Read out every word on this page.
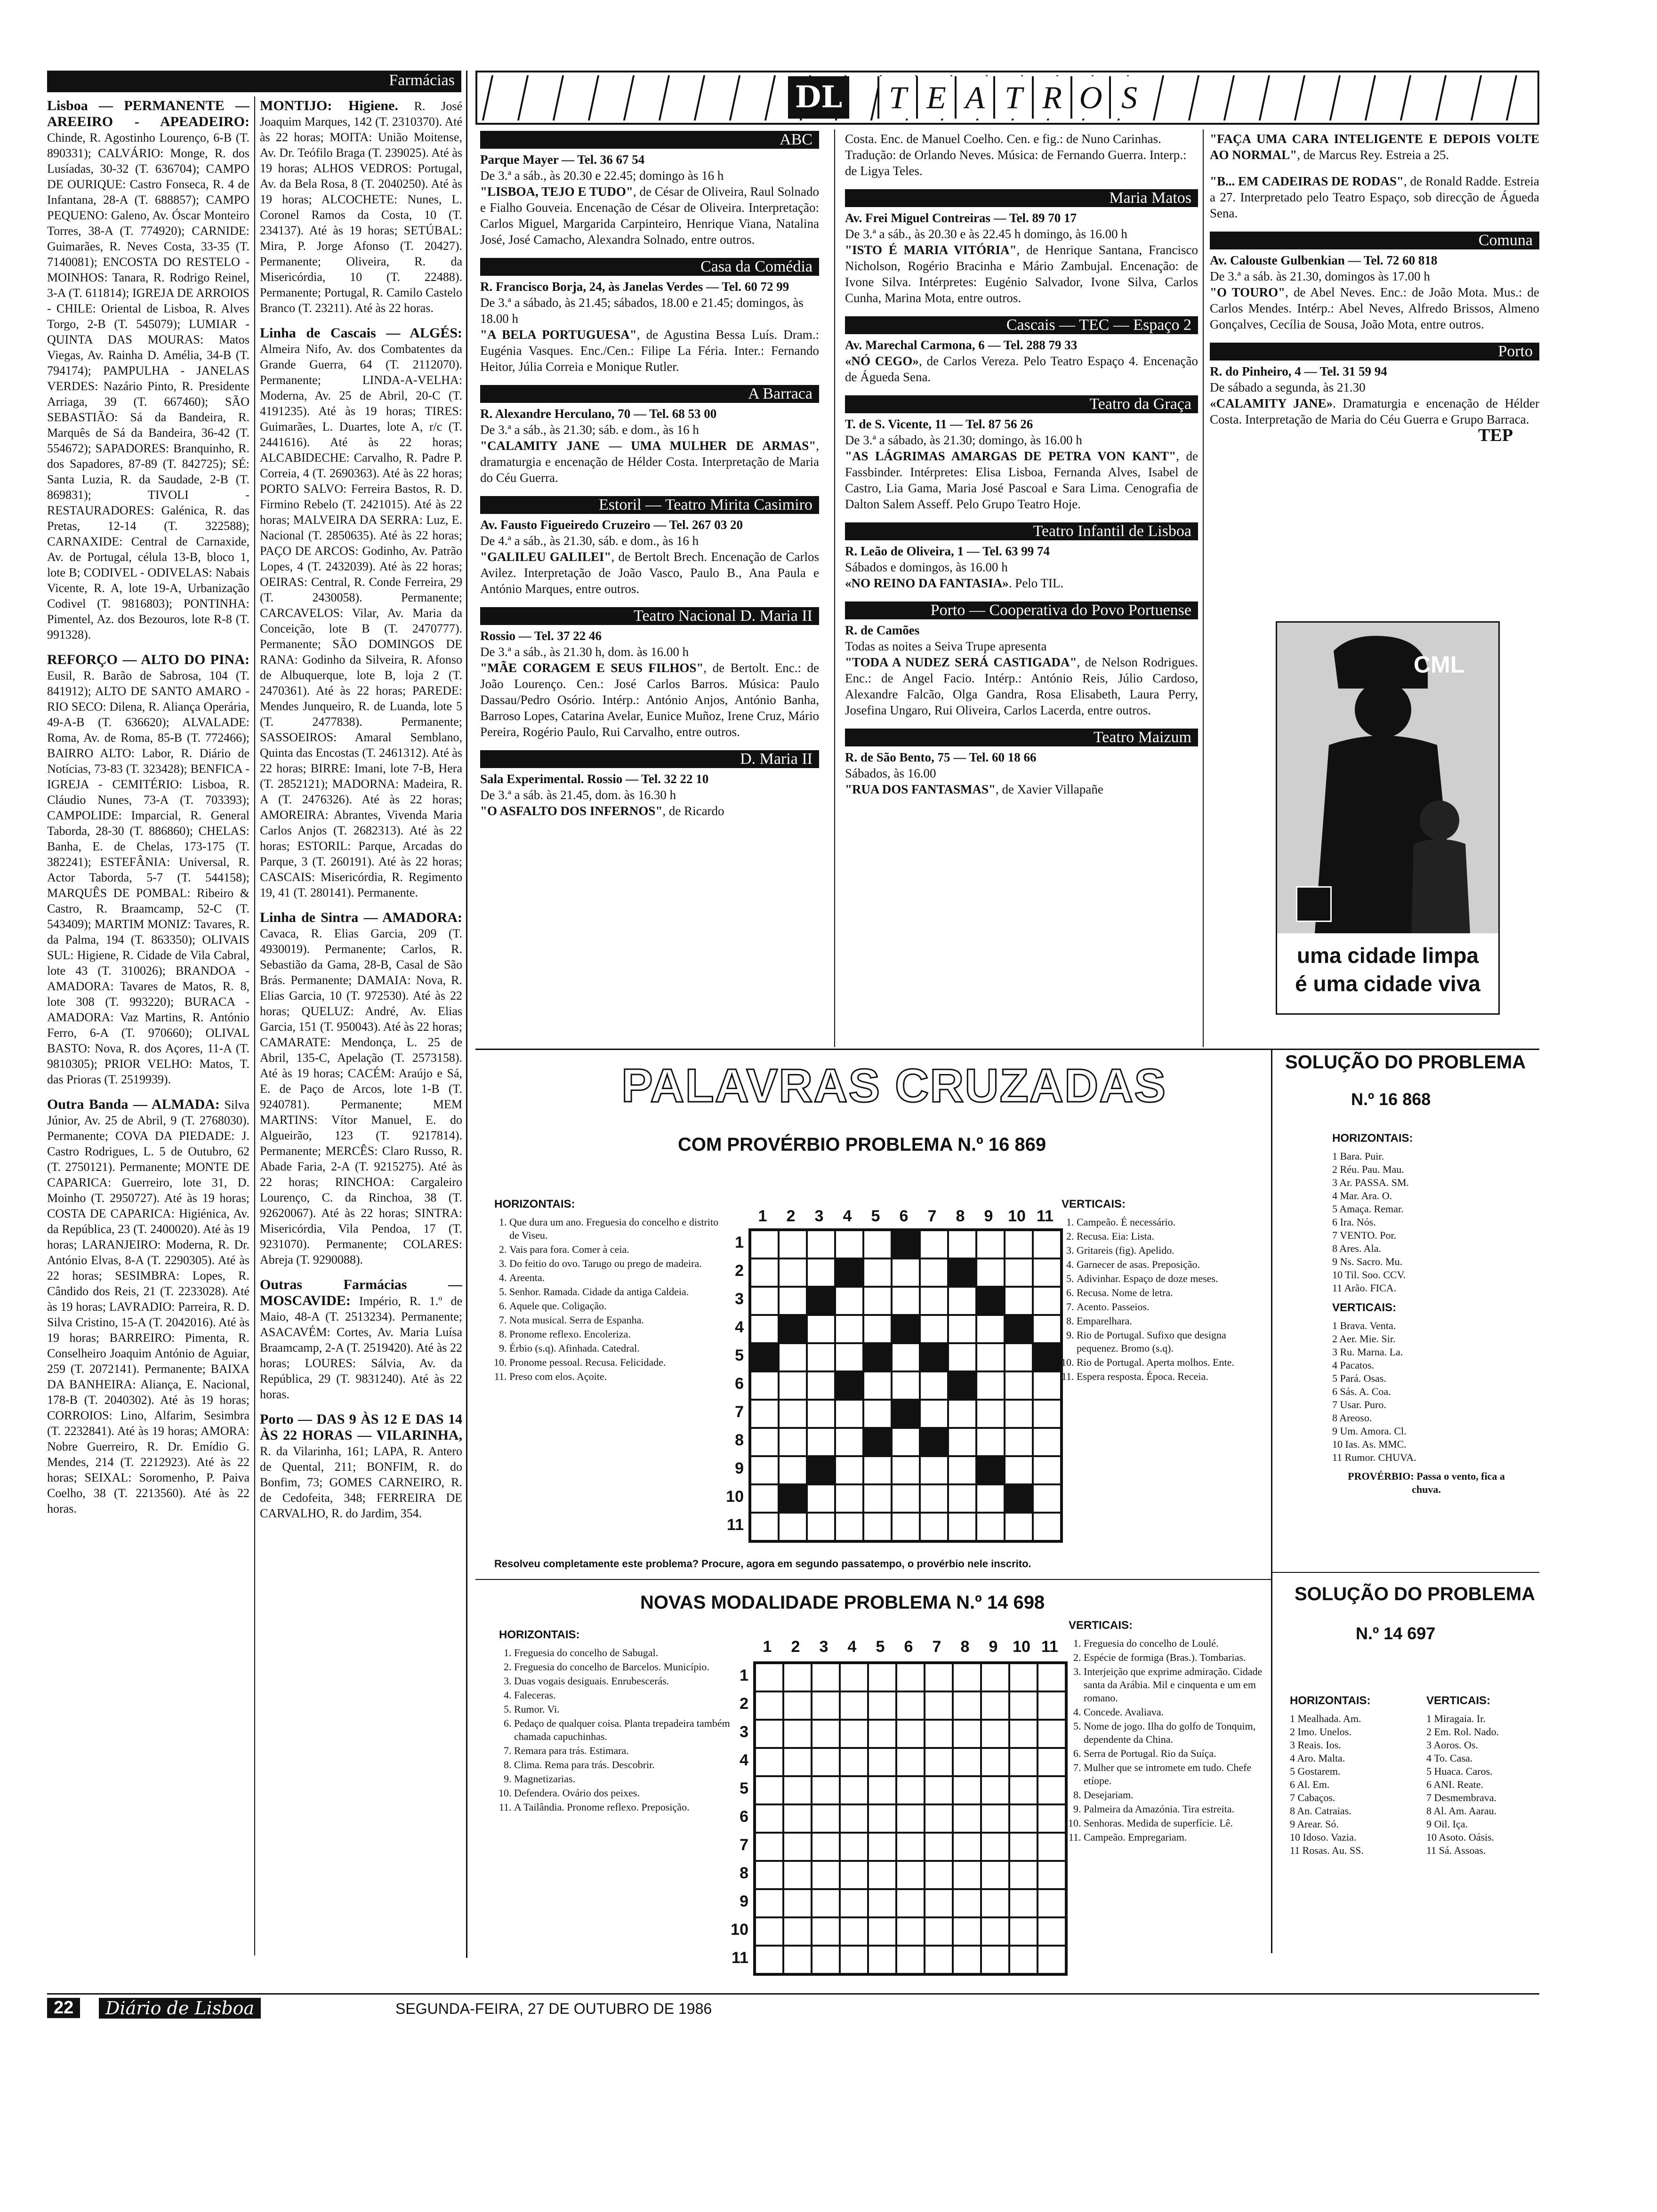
Farmácias
Lisboa — PERMANENTE — AREEIRO - APEADEIRO: Chinde, R. Agostinho Lourenço, 6-B (T. 890331); CALVÁRIO: Monge, R. dos Lusíadas, 30-32 (T. 636704); CAMPO DE OURIQUE: Castro Fonseca, R. 4 de Infantana, 28-A (T. 688857); CAMPO PEQUENO: Galeno, Av. Óscar Monteiro Torres, 38-A (T. 774920); CARNIDE: Guimarães, R. Neves Costa, 33-35 (T. 7140081); ENCOSTA DO RESTELO - MOINHOS: Tanara, R. Rodrigo Reinel, 3-A (T. 611814); IGREJA DE ARROIOS - CHILE: Oriental de Lisboa, R. Alves Torgo, 2-B (T. 545079); LUMIAR - QUINTA DAS MOURAS: Matos Viegas, Av. Rainha D. Amélia, 34-B (T. 794174); PAMPULHA - JANELAS VERDES: Nazário Pinto, R. Presidente Arriaga, 39 (T. 667460); SÃO SEBASTIÃO: Sá da Bandeira, R. Marquês de Sá da Bandeira, 36-42 (T. 554672); SAPADORES: Branquinho, R. dos Sapadores, 87-89 (T. 842725); SÉ: Santa Luzia, R. da Saudade, 2-B (T. 869831); TIVOLI - RESTAURADORES: Galénica, R. das Pretas, 12-14 (T. 322588); CARNAXIDE: Central de Carnaxide, Av. de Portugal, célula 13-B, bloco 1, lote B; CODIVEL - ODIVELAS: Nabais Vicente, R. A, lote 19-A, Urbanização Codivel (T. 9816803); PONTINHA: Pimentel, Az. dos Bezouros, lote R-8 (T. 991328).
REFORÇO — ALTO DO PINA: Eusil, R. Barão de Sabrosa, 104 (T. 841912); ALTO DE SANTO AMARO - RIO SECO: Dilena, R. Aliança Operária, 49-A-B (T. 636620); ALVALADE: Roma, Av. de Roma, 85-B (T. 772466); BAIRRO ALTO: Labor, R. Diário de Notícias, 73-83 (T. 323428); BENFICA - IGREJA - CEMITÉRIO: Lisboa, R. Cláudio Nunes, 73-A (T. 703393); CAMPOLIDE: Imparcial, R. General Taborda, 28-30 (T. 886860); CHELAS: Banha, E. de Chelas, 173-175 (T. 382241); ESTEFÂNIA: Universal, R. Actor Taborda, 5-7 (T. 544158); MARQUÊS DE POMBAL: Ribeiro & Castro, R. Braamcamp, 52-C (T. 543409); MARTIM MONIZ: Tavares, R. da Palma, 194 (T. 863350); OLIVAIS SUL: Higiene, R. Cidade de Vila Cabral, lote 43 (T. 310026); BRANDOA - AMADORA: Tavares de Matos, R. 8, lote 308 (T. 993220); BURACA - AMADORA: Vaz Martins, R. António Ferro, 6-A (T. 970660); OLIVAL BASTO: Nova, R. dos Açores, 11-A (T. 9810305); PRIOR VELHO: Matos, T. das Prioras (T. 2519939).
Outra Banda — ALMADA: Silva Júnior, Av. 25 de Abril, 9 (T. 2768030). Permanente; COVA DA PIEDADE: J. Castro Rodrigues, L. 5 de Outubro, 62 (T. 2750121). Permanente; MONTE DE CAPARICA: Guerreiro, lote 31, D. Moinho (T. 2950727). Até às 19 horas; COSTA DE CAPARICA: Higiénica, Av. da República, 23 (T. 2400020). Até às 19 horas; LARANJEIRO: Moderna, R. Dr. António Elvas, 8-A (T. 2290305). Até às 22 horas; SESIMBRA: Lopes, R. Cândido dos Reis, 21 (T. 2233028). Até às 19 horas; LAVRADIO: Parreira, R. D. Silva Cristino, 15-A (T. 2042016). Até às 19 horas; BARREIRO: Pimenta, R. Conselheiro Joaquim António de Aguiar, 259 (T. 2072141). Permanente; BAIXA DA BANHEIRA: Aliança, E. Nacional, 178-B (T. 2040302). Até às 19 horas; CORROIOS: Lino, Alfarim, Sesimbra (T. 2232841). Até às 19 horas; AMORA: Nobre Guerreiro, R. Dr. Emídio G. Mendes, 214 (T. 2212923). Até às 22 horas; SEIXAL: Soromenho, P. Paiva Coelho, 38 (T. 2213560). Até às 22 horas.
MONTIJO: Higiene. R. José Joaquim Marques, 142 (T. 2310370). Até às 22 horas; MOITA: União Moitense, Av. Dr. Teófilo Braga (T. 239025). Até às 19 horas; ALHOS VEDROS: Portugal, Av. da Bela Rosa, 8 (T. 2040250). Até às 19 horas; ALCOCHETE: Nunes, L. Coronel Ramos da Costa, 10 (T. 234137). Até às 19 horas; SETÚBAL: Mira, P. Jorge Afonso (T. 20427). Permanente; Oliveira, R. da Misericórdia, 10 (T. 22488). Permanente; Portugal, R. Camilo Castelo Branco (T. 23211). Até às 22 horas.
Linha de Cascais — ALGÉS: Almeira Nifo, Av. dos Combatentes da Grande Guerra, 64 (T. 2112070). Permanente; LINDA-A-VELHA: Moderna, Av. 25 de Abril, 20-C (T. 4191235). Até às 19 horas; TIRES: Guimarães, L. Duartes, lote A, r/c (T. 2441616). Até às 22 horas; ALCABIDECHE: Carvalho, R. Padre P. Correia, 4 (T. 2690363). Até às 22 horas; PORTO SALVO: Ferreira Bastos, R. D. Firmino Rebelo (T. 2421015). Até às 22 horas; MALVEIRA DA SERRA: Luz, E. Nacional (T. 2850635). Até às 22 horas; PAÇO DE ARCOS: Godinho, Av. Patrão Lopes, 4 (T. 2432039). Até às 22 horas; OEIRAS: Central, R. Conde Ferreira, 29 (T. 2430058). Permanente; CARCAVELOS: Vilar, Av. Maria da Conceição, lote B (T. 2470777). Permanente; SÃO DOMINGOS DE RANA: Godinho da Silveira, R. Afonso de Albuquerque, lote B, loja 2 (T. 2470361). Até às 22 horas; PAREDE: Mendes Junqueiro, R. de Luanda, lote 5 (T. 2477838). Permanente; SASSOEIROS: Amaral Semblano, Quinta das Encostas (T. 2461312). Até às 22 horas; BIRRE: Imani, lote 7-B, Hera (T. 2852121); MADORNA: Madeira, R. A (T. 2476326). Até às 22 horas; AMOREIRA: Abrantes, Vivenda Maria Carlos Anjos (T. 2682313). Até às 22 horas; ESTORIL: Parque, Arcadas do Parque, 3 (T. 260191). Até às 22 horas; CASCAIS: Misericórdia, R. Regimento 19, 41 (T. 280141). Permanente.
Linha de Sintra — AMADORA: Cavaca, R. Elias Garcia, 209 (T. 4930019). Permanente; Carlos, R. Sebastião da Gama, 28-B, Casal de São Brás. Permanente; DAMAIA: Nova, R. Elias Garcia, 10 (T. 972530). Até às 22 horas; QUELUZ: André, Av. Elias Garcia, 151 (T. 950043). Até às 22 horas; CAMARATE: Mendonça, L. 25 de Abril, 135-C, Apelação (T. 2573158). Até às 19 horas; CACÉM: Araújo e Sá, E. de Paço de Arcos, lote 1-B (T. 9240781). Permanente; MEM MARTINS: Vítor Manuel, E. do Algueirão, 123 (T. 9217814). Permanente; MERCÊS: Claro Russo, R. Abade Faria, 2-A (T. 9215275). Até às 22 horas; RINCHOA: Cargaleiro Lourenço, C. da Rinchoa, 38 (T. 92620067). Até às 22 horas; SINTRA: Misericórdia, Vila Pendoa, 17 (T. 9231070). Permanente; COLARES: Abreja (T. 9290088).
Outras Farmácias — MOSCAVIDE: Império, R. 1.º de Maio, 48-A (T. 2513234). Permanente; ASACAVÉM: Cortes, Av. Maria Luísa Braamcamp, 2-A (T. 2519420). Até às 22 horas; LOURES: Sálvia, Av. da República, 29 (T. 9831240). Até às 22 horas.
Porto — DAS 9 ÀS 12 E DAS 14 ÀS 22 HORAS — VILARINHA, R. da Vilarinha, 161; LAPA, R. Antero de Quental, 211; BONFIM, R. do Bonfim, 73; GOMES CARNEIRO, R. de Cedofeita, 348; FERREIRA DE CARVALHO, R. do Jardim, 354.
DL	T E A T R O S
ABC
Parque Mayer — Tel. 36 67 54
De 3.ª a sáb., às 20.30 e 22.45; domingo às 16 h
"LISBOA, TEJO E TUDO", de César de Oliveira, Raul Solnado e Fialho Gouveia. Encenação de César de Oliveira. Interpretação: Carlos Miguel, Margarida Carpinteiro, Henrique Viana, Natalina José, José Camacho, Alexandra Solnado, entre outros.
Casa da Comédia
R. Francisco Borja, 24, às Janelas Verdes — Tel. 60 72 99
De 3.ª a sábado, às 21.45; sábados, 18.00 e 21.45; domingos, às 18.00 h
"A BELA PORTUGUESA", de Agustina Bessa Luís. Dram.: Eugénia Vasques. Enc./Cen.: Filipe La Féria. Inter.: Fernando Heitor, Júlia Correia e Monique Rutler.
A Barraca
R. Alexandre Herculano, 70 — Tel. 68 53 00
De 3.ª a sáb., às 21.30; sáb. e dom., às 16 h
"CALAMITY JANE — UMA MULHER DE ARMAS", dramaturgia e encenação de Hélder Costa. Interpretação de Maria do Céu Guerra.
Estoril — Teatro Mirita Casimiro
Av. Fausto Figueiredo Cruzeiro — Tel. 267 03 20
De 4.ª a sáb., às 21.30, sáb. e dom., às 16 h
"GALILEU GALILEI", de Bertolt Brech. Encenação de Carlos Avilez. Interpretação de João Vasco, Paulo B., Ana Paula e António Marques, entre outros.
Teatro Nacional D. Maria II
Rossio — Tel. 37 22 46
De 3.ª a sáb., às 21.30 h, dom. às 16.00 h
"MÃE CORAGEM E SEUS FILHOS", de Bertolt. Enc.: de João Lourenço. Cen.: José Carlos Barros. Música: Paulo Dassau/Pedro Osório. Intérp.: António Anjos, António Banha, Barroso Lopes, Catarina Avelar, Eunice Muñoz, Irene Cruz, Mário Pereira, Rogério Paulo, Rui Carvalho, entre outros.
D. Maria II
Sala Experimental. Rossio — Tel. 32 22 10
De 3.ª a sáb. às 21.45, dom. às 16.30 h
"O ASFALTO DOS INFERNOS", de Ricardo
Costa. Enc. de Manuel Coelho. Cen. e fig.: de Nuno Carinhas. Tradução: de Orlando Neves. Música: de Fernando Guerra. Interp.: de Ligya Teles.
Maria Matos
Av. Frei Miguel Contreiras — Tel. 89 70 17
De 3.ª a sáb., às 20.30 e às 22.45 h domingo, às 16.00 h
"ISTO É MARIA VITÓRIA", de Henrique Santana, Francisco Nicholson, Rogério Bracinha e Mário Zambujal. Encenação: de Ivone Silva. Intérpretes: Eugénio Salvador, Ivone Silva, Carlos Cunha, Marina Mota, entre outros.
Cascais — TEC — Espaço 2
Av. Marechal Carmona, 6 — Tel. 288 79 33
«NÓ CEGO», de Carlos Vereza. Pelo Teatro Espaço 4. Encenação de Águeda Sena.
Teatro da Graça
T. de S. Vicente, 11 — Tel. 87 56 26
De 3.ª a sábado, às 21.30; domingo, às 16.00 h
"AS LÁGRIMAS AMARGAS DE PETRA VON KANT", de Fassbinder. Intérpretes: Elisa Lisboa, Fernanda Alves, Isabel de Castro, Lia Gama, Maria José Pascoal e Sara Lima. Cenografia de Dalton Salem Asseff. Pelo Grupo Teatro Hoje.
Teatro Infantil de Lisboa
R. Leão de Oliveira, 1 — Tel. 63 99 74
Sábados e domingos, às 16.00 h
«NO REINO DA FANTASIA». Pelo TIL.
Porto — Cooperativa do Povo Portuense
R. de Camões
Todas as noites a Seiva Trupe apresenta
"TODA A NUDEZ SERÁ CASTIGADA", de Nelson Rodrigues. Enc.: de Angel Facio. Intérp.: António Reis, Júlio Cardoso, Alexandre Falcão, Olga Gandra, Rosa Elisabeth, Laura Perry, Josefina Ungaro, Rui Oliveira, Carlos Lacerda, entre outros.
Teatro Maizum
R. de São Bento, 75 — Tel. 60 18 66
Sábados, às 16.00
"RUA DOS FANTASMAS", de Xavier Villapañe
"FAÇA UMA CARA INTELIGENTE E DEPOIS VOLTE AO NORMAL", de Marcus Rey. Estreia a 25.
"B... EM CADEIRAS DE RODAS", de Ronald Radde. Estreia a 27. Interpretado pelo Teatro Espaço, sob direcção de Águeda Sena.
Comuna
Av. Calouste Gulbenkian — Tel. 72 60 818
De 3.ª a sáb. às 21.30, domingos às 17.00 h
"O TOURO", de Abel Neves. Enc.: de João Mota. Mus.: de Carlos Mendes. Intérp.: Abel Neves, Alfredo Brissos, Almeno Gonçalves, Cecília de Sousa, João Mota, entre outros.
Porto
R. do Pinheiro, 4 — Tel. 31 59 94
De sábado a segunda, às 21.30
«CALAMITY JANE». Dramaturgia e encenação de Hélder Costa. Interpretação de Maria do Céu Guerra e Grupo Barraca.
TEP
CML
uma cidade limpa
é uma cidade viva
PALAVRAS CRUZADAS
COM PROVÉRBIO PROBLEMA N.º 16 869
HORIZONTAIS:
1. Que dura um ano. Freguesia do concelho e distrito de Viseu.
2. Vais para fora. Comer à ceia.
3. Do feitio do ovo. Tarugo ou prego de madeira.
4. Areenta.
5. Senhor. Ramada. Cidade da antiga Caldeia.
6. Aquele que. Coligação.
7. Nota musical. Serra de Espanha.
8. Pronome reflexo. Encoleriza.
9. Érbio (s.q). Afinhada. Catedral.
10. Pronome pessoal. Recusa. Felicidade.
11. Preso com elos. Açoite.
1	2	3	4	5	6	7	8	9 10 11
1
2
3
4
5
6
7
8
9
10
11
VERTICAIS:
1. Campeão. É necessário.
2. Recusa. Eia: Lista.
3. Gritareis (fig). Apelido.
4. Garnecer de asas. Preposição.
5. Adivinhar. Espaço de doze meses.
6. Recusa. Nome de letra.
7. Acento. Passeios.
8. Emparelhara.
9. Rio de Portugal. Sufixo que designa pequenez. Bromo (s.q).
10. Rio de Portugal. Aperta molhos. Ente.
11. Espera resposta. Época. Receia.
Resolveu completamente este problema? Procure, agora em segundo passatempo, o provérbio nele inscrito.
SOLUÇÃO DO PROBLEMA
N.º 16 868
HORIZONTAIS:
1 Bara. Puir.
2 Réu. Pau. Mau.
3 Ar. PASSA. SM.
4 Mar. Ara. O.
5 Amaça. Remar.
6 Ira. Nós.
7 VENTO. Por.
8 Ares. Ala.
9 Ns. Sacro. Mu.
10 Til. Soo. CCV.
11 Arão. FICA.
VERTICAIS:
1 Brava. Venta.
2 Aer. Mie. Sir.
3 Ru. Marna. La.
4 Pacatos.
5 Pará. Osas.
6 Sás. A. Coa.
7 Usar. Puro.
8 Areoso.
9 Um. Amora. Cl.
10 Ias. As. MMC.
11 Rumor. CHUVA.
PROVÉRBIO: Passa o vento, fica a chuva.
NOVAS MODALIDADE PROBLEMA N.º 14 698
HORIZONTAIS:
1. Freguesia do concelho de Sabugal.
2. Freguesia do concelho de Barcelos. Município.
3. Duas vogais desiguais. Enrubescerás.
4. Faleceras.
5. Rumor. Vi.
6. Pedaço de qualquer coisa. Planta trepadeira também chamada capuchinhas.
7. Remara para trás. Estimara.
8. Clima. Rema para trás. Descobrir.
9. Magnetizarias.
10. Defendera. Ovário dos peixes.
11. A Tailândia. Pronome reflexo. Preposição.
1	2	3	4	5	6	7	8	9 10 11
1
2
3
4
5
6
7
8
9
10
11
VERTICAIS:
1. Freguesia do concelho de Loulé.
2. Espécie de formiga (Bras.). Tombarias.
3. Interjeição que exprime admiração. Cidade santa da Arábia. Mil e cinquenta e um em romano.
4. Concede. Avaliava.
5. Nome de jogo. Ilha do golfo de Tonquim, dependente da China.
6. Serra de Portugal. Rio da Suíça.
7. Mulher que se intromete em tudo. Chefe etíope.
8. Desejariam.
9. Palmeira da Amazónia. Tira estreita.
10. Senhoras. Medida de superfície. Lê.
11. Campeão. Empregariam.
SOLUÇÃO DO PROBLEMA
N.º 14 697
HORIZONTAIS:
1 Mealhada. Am.
2 Imo. Unelos.
3 Reais. Ios.
4 Aro. Malta.
5 Gostarem.
6 Al. Em.
7 Cabaços.
8 An. Catraias.
9 Arear. Só.
10 Idoso. Vazia.
11 Rosas. Au. SS.
VERTICAIS:
1 Miragaia. Ir.
2 Em. Rol. Nado.
3 Aoros. Os.
4 To. Casa.
5 Huaca. Caros.
6 ANI. Reate.
7 Desmembrava.
8 Al. Am. Aarau.
9 Oil. Iça.
10 Asoto. Oásis.
11 Sá. Assoas.
22	Diário de Lisboa	SEGUNDA-FEIRA, 27 DE OUTUBRO DE 1986
